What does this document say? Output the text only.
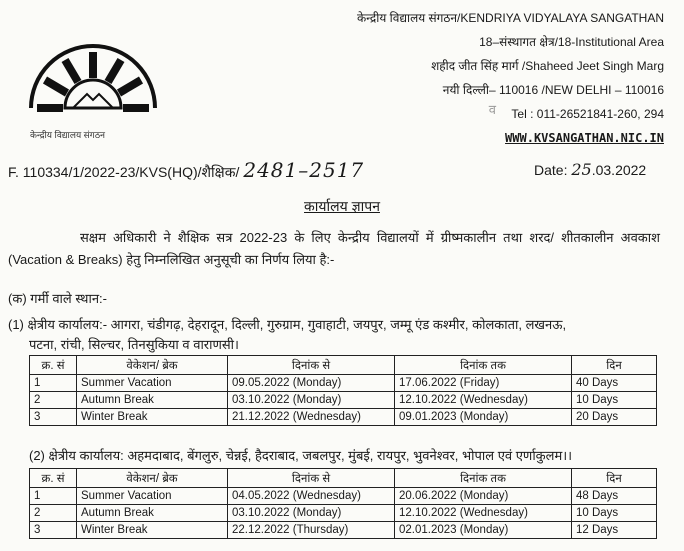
केन्द्रीय विद्यालय संगठन
व
केन्द्रीय विद्यालय संगठन/KENDRIYA VIDYALAYA SANGATHAN
18–संस्थागत क्षेत्र/18-Institutional Area
शहीद जीत सिंह मार्ग /Shaheed Jeet Singh Marg
नयी दिल्ली– 110016 /NEW DELHI – 110016
Tel : 011-26521841-260, 294
WWW.KVSANGATHAN.NIC.IN
F. 110334/1/2022-23/KVS(HQ)/शैक्षिक/ 2481–2517	Date: 25.03.2022
कार्यालय ज्ञापन
सक्षम अधिकारी ने शैक्षिक सत्र 2022-23 के लिए केन्द्रीय विद्यालयों में ग्रीष्मकालीन तथा शरद/ शीतकालीन अवकाश (Vacation & Breaks) हेतु निम्नलिखित अनुसूची का निर्णय लिया है:-
(क) गर्मी वाले स्थान:-
(1) क्षेत्रीय कार्यालय:- आगरा, चंडीगढ़, देहरादून, दिल्ली, गुरुग्राम, गुवाहाटी, जयपुर, जम्मू एंड कश्मीर, कोलकाता, लखनऊ,
पटना, रांची, सिल्चर, तिनसुकिया व वाराणसी।
क्र. सं	वेकेशन/ ब्रेक	दिनांक से	दिनांक तक	दिन
1	Summer Vacation	09.05.2022 (Monday)	17.06.2022 (Friday)	40 Days
2	Autumn Break	03.10.2022 (Monday)	12.10.2022 (Wednesday)	10 Days
3	Winter Break	21.12.2022 (Wednesday)	09.01.2023 (Monday)	20 Days
(2) क्षेत्रीय कार्यालय: अहमदाबाद, बेंगलुरु, चेन्नई, हैदराबाद, जबलपुर, मुंबई, रायपुर, भुवनेश्वर, भोपाल एवं एर्णाकुलम।।
क्र. सं	वेकेशन/ ब्रेक	दिनांक से	दिनांक तक	दिन
1	Summer Vacation	04.05.2022 (Wednesday)	20.06.2022 (Monday)	48 Days
2	Autumn Break	03.10.2022 (Monday)	12.10.2022 (Wednesday)	10 Days
3	Winter Break	22.12.2022 (Thursday)	02.01.2023 (Monday)	12 Days
